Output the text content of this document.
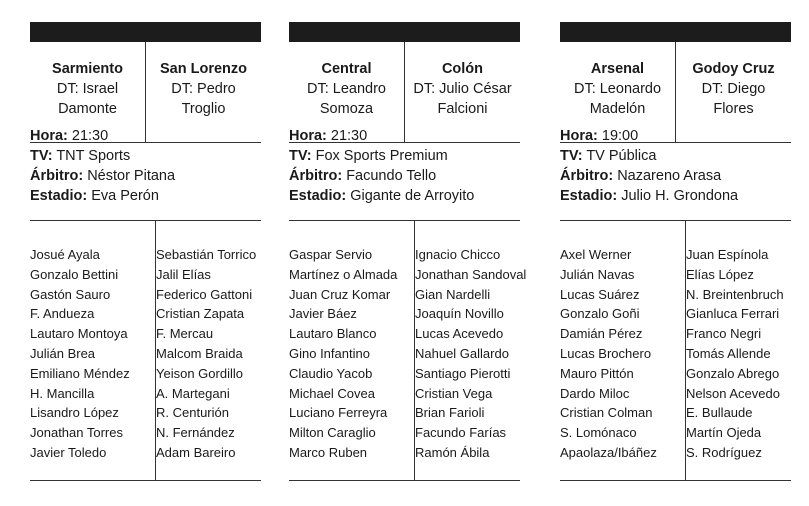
Sarmiento
DT: Israel
Damonte
San Lorenzo
DT: Pedro
Troglio
Hora: 21:30
TV: TNT Sports
Árbitro: Néstor Pitana
Estadio: Eva Perón
Josué Ayala
Gonzalo Bettini
Gastón Sauro
F. Andueza
Lautaro Montoya
Julián Brea
Emiliano Méndez
H. Mancilla
Lisandro López
Jonathan Torres
Javier Toledo
Sebastián Torrico
Jalil Elías
Federico Gattoni
Cristian Zapata
F. Mercau
Malcom Braida
Yeison Gordillo
A. Martegani
R. Centurión
N. Fernández
Adam Bareiro
Central
DT: Leandro
Somoza
Colón
DT: Julio César
Falcioni
Hora: 21:30
TV: Fox Sports Premium
Árbitro: Facundo Tello
Estadio: Gigante de Arroyito
Gaspar Servio
Martínez o Almada
Juan Cruz Komar
Javier Báez
Lautaro Blanco
Gino Infantino
Claudio Yacob
Michael Covea
Luciano Ferreyra
Milton Caraglio
Marco Ruben
Ignacio Chicco
Jonathan Sandoval
Gian Nardelli
Joaquín Novillo
Lucas Acevedo
Nahuel Gallardo
Santiago Pierotti
Cristian Vega
Brian Farioli
Facundo Farías
Ramón Ábila
Arsenal
DT: Leonardo
Madelón
Godoy Cruz
DT: Diego
Flores
Hora: 19:00
TV: TV Pública
Árbitro: Nazareno Arasa
Estadio: Julio H. Grondona
Axel Werner
Julián Navas
Lucas Suárez
Gonzalo Goñi
Damián Pérez
Lucas Brochero
Mauro Pittón
Dardo Miloc
Cristian Colman
S. Lomónaco
Apaolaza/Ibáñez
Juan Espínola
Elías López
N. Breintenbruch
Gianluca Ferrari
Franco Negri
Tomás Allende
Gonzalo Abrego
Nelson Acevedo
E. Bullaude
Martín Ojeda
S. Rodríguez
